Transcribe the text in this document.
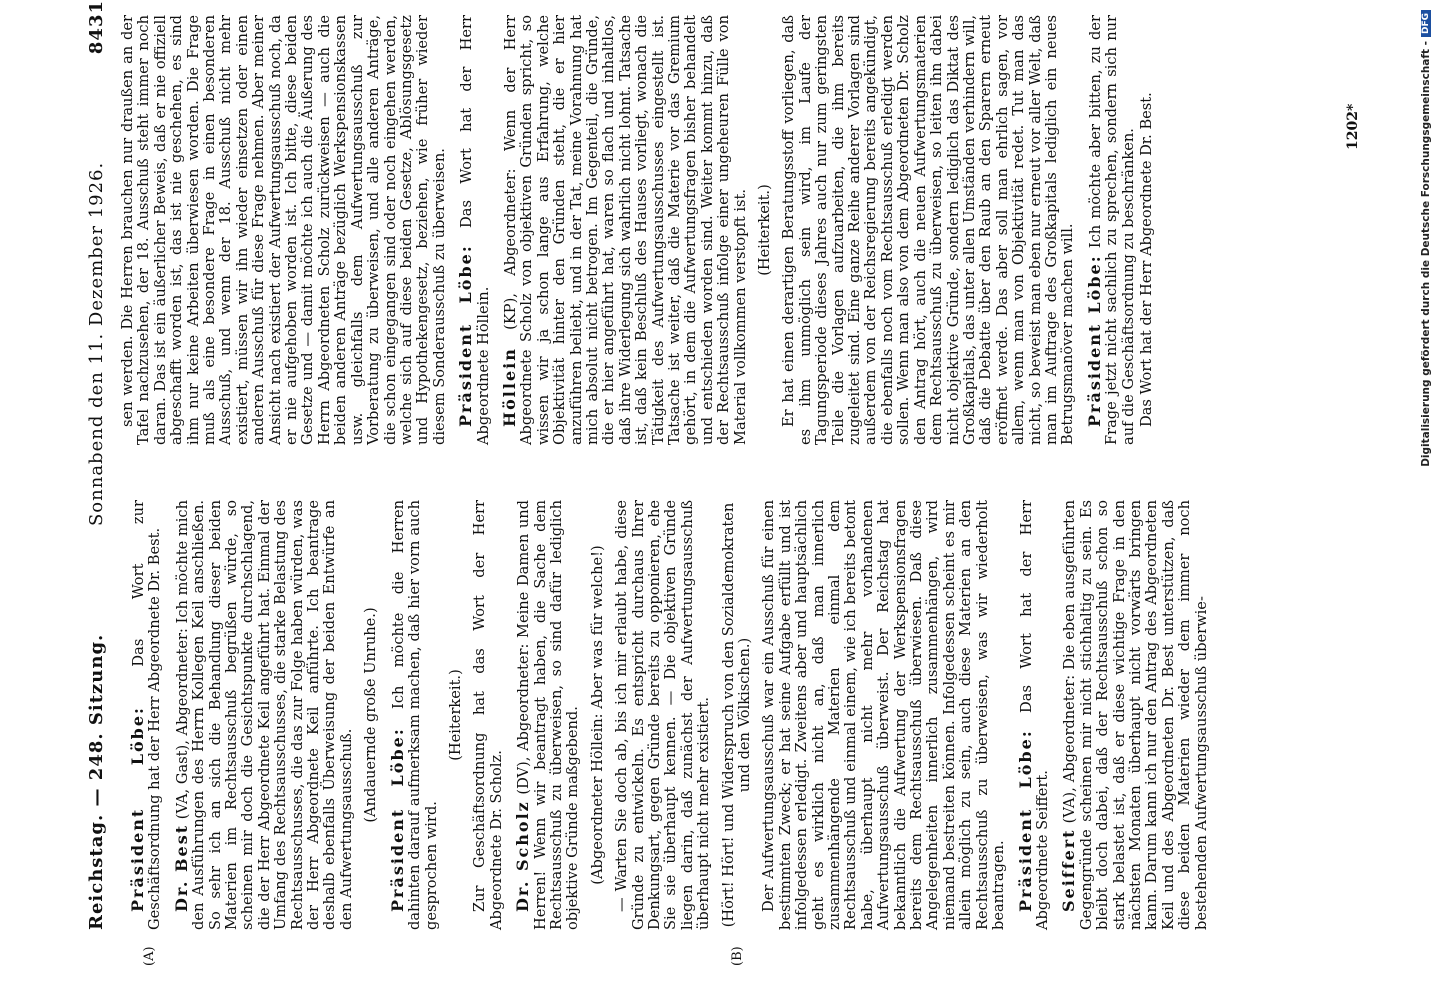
Reichstag. — 248. Sitzung.
Sonnabend den 11. Dezember 1926.
8431
(A)	(B)

Präsident Löbe: Das Wort zur Geschäftsordnung hat der Herr Abgeordnete Dr. Best. Dr. Best (VA, Gast), Abgeordneter: Ich möchte mich den Ausführungen des Herrn Kollegen Keil anschließen. So sehr ich an sich die Behandlung dieser beiden Materien im Rechtsausschuß begrüßen würde, so scheinen mir doch die Gesichtspunkte durchschlagend, die der Herr Abgeordnete Keil angeführt hat. Einmal der Umfang des Rechtsausschusses, die starke Belastung des Rechtsausschusses, die das zur Folge haben würden, was der Herr Abgeordnete Keil anführte. Ich beantrage deshalb ebenfalls Überweisung der beiden Entwürfe an den Aufwertungsausschuß.

(Andauernde große Unruhe.) Präsident Löbe: Ich möchte die Herren dahinten darauf aufmerksam machen, daß hier vorn auch gesprochen wird.

(Heiterkeit.) Zur Geschäftsordnung hat das Wort der Herr Abgeordnete Dr. Scholz. Dr. Scholz (DV), Abgeordneter: Meine Damen und Herren! Wenn wir beantragt haben, die Sache dem Rechtsausschuß zu überweisen, so sind dafür lediglich objektive Gründe maßgebend. (Abgeordneter Höllein: Aber was für welche!) — Warten Sie doch ab, bis ich mir erlaubt habe, diese Gründe zu entwickeln. Es entspricht durchaus Ihrer Denkungsart, gegen Gründe bereits zu opponieren, ehe Sie sie überhaupt kennen. — Die objektiven Gründe liegen darin, daß zunächst der Aufwertungsausschuß überhaupt nicht mehr existiert. (Hört! Hört! und Widerspruch von den Sozialdemokraten und den Völkischen.) Der Aufwertungsausschuß war ein Ausschuß für einen bestimmten Zweck; er hat seine Aufgabe erfüllt und ist infolgedessen erledigt. Zweitens aber und hauptsächlich geht es wirklich nicht an, daß man innerlich zusammenhängende Materien einmal dem Rechtsausschuß und einmal einem, wie ich bereits betont habe, überhaupt nicht mehr vorhandenen Aufwertungsausschuß überweist. Der Reichstag hat bekanntlich die Aufwertung der Werkspensionsfragen bereits dem Rechtsausschuß überwiesen. Daß diese Angelegenheiten innerlich zusammenhängen, wird niemand bestreiten können. Infolgedessen scheint es mir allein möglich zu sein, auch diese Materien an den Rechtsausschuß zu überweisen, was wir wiederholt beantragen. Präsident Löbe: Das Wort hat der Herr Abgeordnete Seiffert. Seiffert (VA), Abgeordneter: Die eben ausgeführten Gegengründe scheinen mir nicht stichhaltig zu sein. Es bleibt doch dabei, daß der Rechtsausschuß schon so stark belastet ist, daß er diese wichtige Frage in den nächsten Monaten überhaupt nicht vorwärts bringen kann. Darum kann ich nur den Antrag des Abgeordneten Keil und des Abgeordneten Dr. Best unterstützen, daß diese beiden Materien wieder dem immer noch bestehenden Aufwertungsausschuß überwie-

sen werden. Die Herren brauchen nur draußen an der Tafel nachzusehen, der 18. Ausschuß steht immer noch daran. Das ist ein äußerlicher Beweis, daß er nie offiziell abgeschafft worden ist, das ist nie geschehen, es sind ihm nur keine Arbeiten überwiesen worden. Die Frage muß als eine besondere Frage in einen besonderen Ausschuß, und wenn der 18. Ausschuß nicht mehr existiert, müssen wir ihn wieder einsetzen oder einen anderen Ausschuß für diese Frage nehmen. Aber meiner Ansicht nach existiert der Aufwertungsausschuß noch, da er nie aufgehoben worden ist. Ich bitte, diese beiden Gesetze und — damit möchte ich auch die Äußerung des Herrn Abgeordneten Scholz zurückweisen — auch die beiden anderen Anträge bezüglich Werkspensionskassen usw. gleichfalls dem Aufwertungsausschuß zur Vorberatung zu überweisen, und alle anderen Anträge, die schon eingegangen sind oder noch eingehen werden, welche sich auf diese beiden Gesetze, Ablösungsgesetz und Hypothekengesetz, beziehen, wie früher wieder diesem Sonderausschuß zu überweisen. Präsident Löbe: Das Wort hat der Herr Abgeordnete Höllein. Höllein (KP), Abgeordneter: Wenn der Herr Abgeordnete Scholz von objektiven Gründen spricht, so wissen wir ja schon lange aus Erfahrung, welche Objektivität hinter den Gründen steht, die er hier anzuführen beliebt, und in der Tat, meine Vorahnung hat mich absolut nicht betrogen. Im Gegenteil, die Gründe, die er hier angeführt hat, waren so flach und inhaltlos, daß ihre Widerlegung sich wahrlich nicht lohnt. Tatsache ist, daß kein Beschluß des Hauses vorliegt, wonach die Tätigkeit des Aufwertungsausschusses eingestellt ist. Tatsache ist weiter, daß die Materie vor das Gremium gehört, in dem die Aufwertungsfragen bisher behandelt und entschieden worden sind. Weiter kommt hinzu, daß der Rechtsausschuß infolge einer ungeheuren Fülle von Material vollkommen verstopft ist. (Heiterkeit.) Er hat einen derartigen Beratungsstoff vorliegen, daß es ihm unmöglich sein wird, im Laufe der Tagungsperiode dieses Jahres auch nur zum geringsten Teile die Vorlagen aufzuarbeiten, die ihm bereits zugeleitet sind. Eine ganze Reihe anderer Vorlagen sind außerdem von der Reichsregierung bereits angekündigt, die ebenfalls noch vom Rechtsausschuß erledigt werden sollen. Wenn man also von dem Abgeordneten Dr. Scholz den Antrag hört, auch die neuen Aufwertungsmaterien dem Rechtsausschuß zu überweisen, so leiten ihn dabei nicht objektive Gründe, sondern lediglich das Diktat des Großkapitals, das unter allen Umständen verhindern will, daß die Debatte über den Raub an den Sparern erneut eröffnet werde. Das aber soll man ehrlich sagen, vor allem, wenn man von Objektivität redet. Tut man das nicht, so beweist man eben nur erneut vor aller Welt, daß man im Auftrage des Großkapitals lediglich ein neues Betrugsmanöver machen will. Präsident Löbe: Ich möchte aber bitten, zu der Frage jetzt nicht sachlich zu sprechen, sondern sich nur auf die Geschäftsordnung zu beschränken. Das Wort hat der Herr Abgeordnete Dr. Best.	1202*	Digitalisierung gefördert durch die Deutsche Forschungsgemeinschaft -
DFG
